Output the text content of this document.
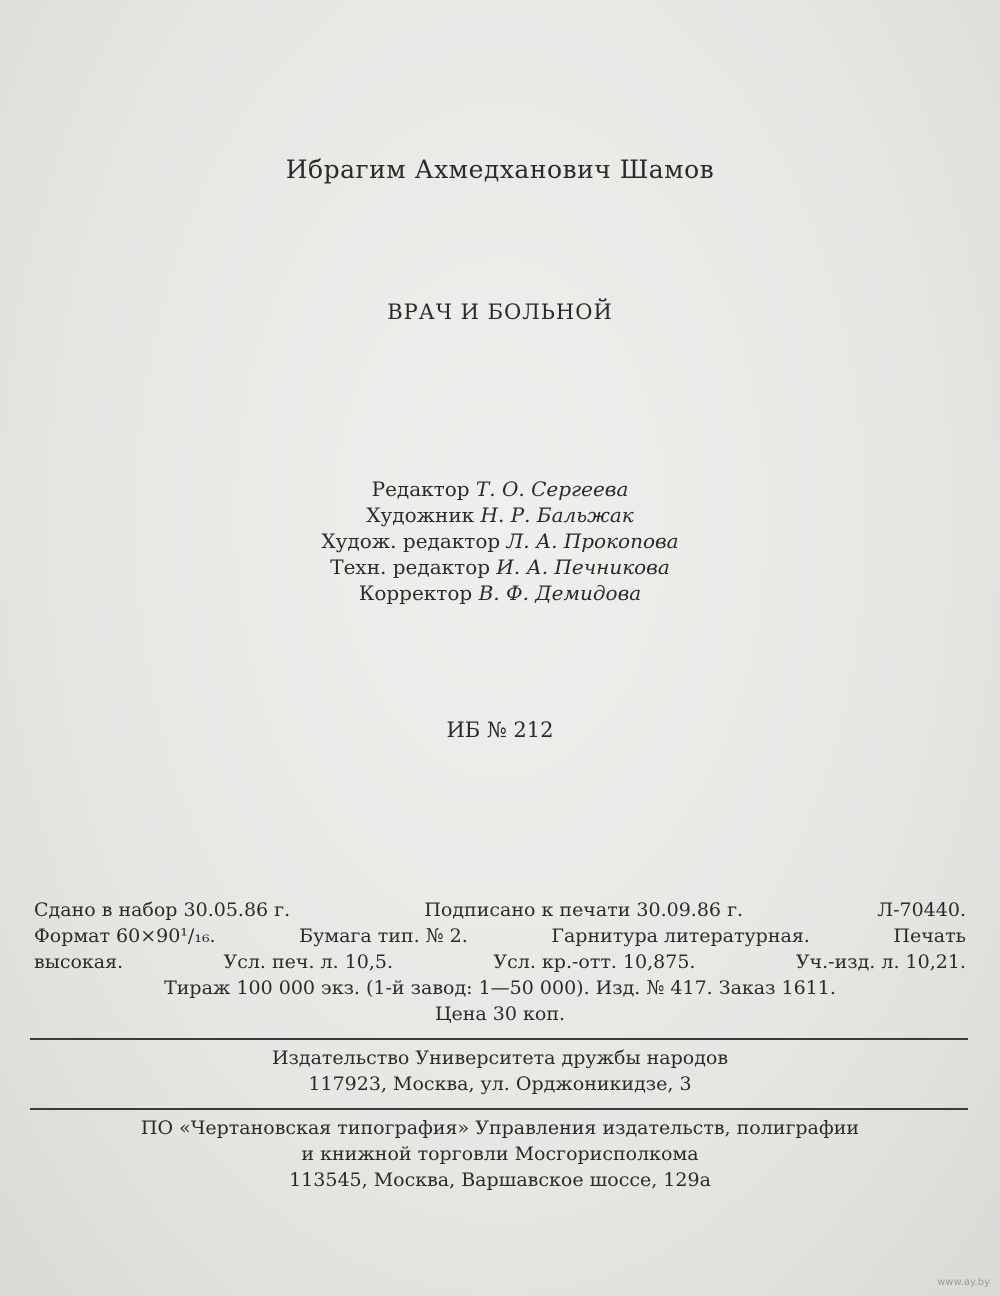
Ибрагим Ахмедханович Шамов
ВРАЧ И БОЛЬНОЙ
Редактор Т. О. Сергеева
Художник Н. Р. Бальжак
Худож. редактор Л. А. Прокопова
Техн. редактор И. А. Печникова
Корректор В. Ф. Демидова
ИБ № 212
Сдано в набор 30.05.86 г.	Подписано к печати 30.09.86 г.	Л-70440.
Формат 60×90¹/₁₆.	Бумага тип. № 2.	Гарнитура литературная.	Печать
высокая.	Усл. печ. л. 10,5.	Усл. кр.-отт. 10,875.	Уч.-изд. л. 10,21.
Тираж 100 000 экз. (1-й завод: 1—50 000). Изд. № 417. Заказ 1611.
Цена 30 коп.
Издательство Университета дружбы народов
117923, Москва, ул. Орджоникидзе, 3
ПО «Чертановская типография» Управления издательств, полиграфии
и книжной торговли Мосгорисполкома
113545, Москва, Варшавское шоссе, 129а
www.ay.by
